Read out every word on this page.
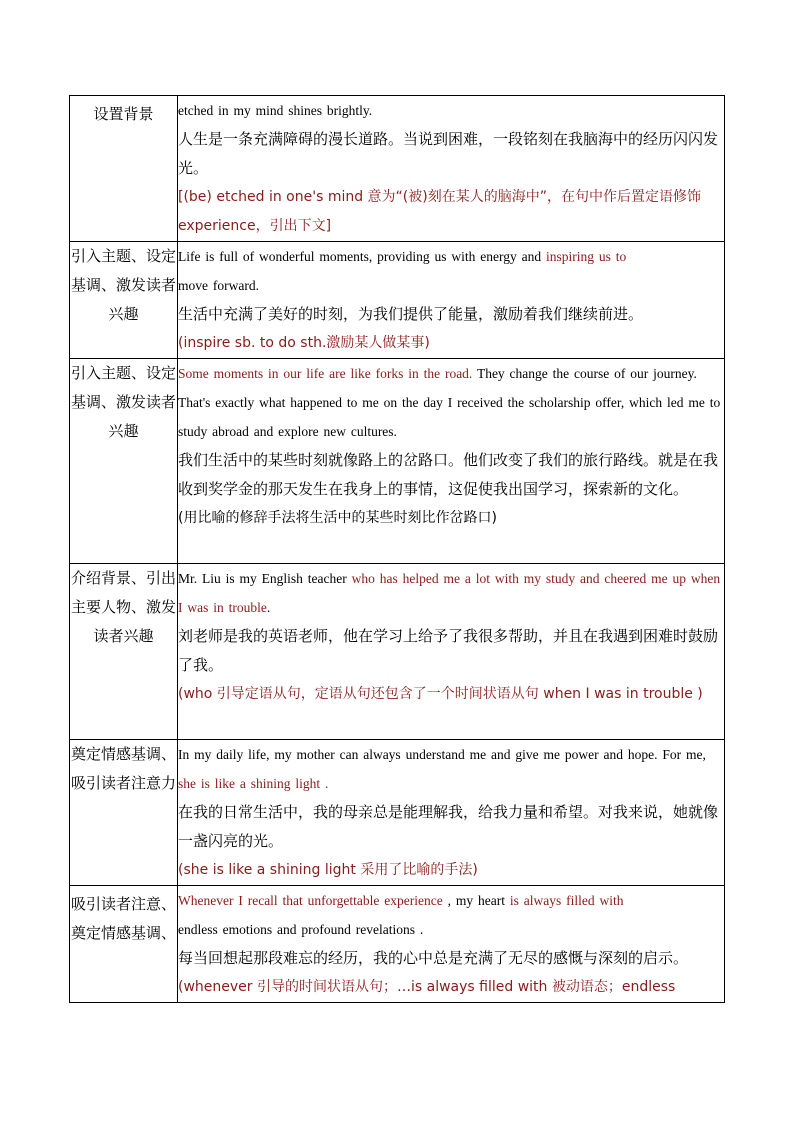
设置背景	etched in my mind shines brightly.
人生是一条充满障碍的漫长道路。当说到困难，一段铭刻在我脑海中的经历闪闪发光。
[(be) etched in one's mind 意为“(被)刻在某人的脑海中”，在句中作后置定语修饰 experience，引出下文]

引入主题、设定基调、激发读者兴趣	Life is full of wonderful moments, providing us with energy and inspiring us to
move forward.
生活中充满了美好的时刻，为我们提供了能量，激励着我们继续前进。
(inspire sb. to do sth.激励某人做某事)

引入主题、设定基调、激发读者兴趣	Some moments in our life are like forks in the road. They change the course of our journey. That's exactly what happened to me on the day I received the scholarship offer, which led me to study abroad and explore new cultures.
我们生活中的某些时刻就像路上的岔路口。他们改变了我们的旅行路线。就是在我收到奖学金的那天发生在我身上的事情，这促使我出国学习，探索新的文化。
(用比喻的修辞手法将生活中的某些时刻比作岔路口)

介绍背景、引出主要人物、激发读者兴趣	Mr. Liu is my English teacher who has helped me a lot with my study and cheered me up when I was in trouble.
刘老师是我的英语老师，他在学习上给予了我很多帮助，并且在我遇到困难时鼓励了我。
(who 引导定语从句，定语从句还包含了一个时间状语从句 when I was in trouble )

奠定情感基调、吸引读者注意力	In my daily life, my mother can always understand me and give me power and hope. For me, she is like a shining light .
在我的日常生活中，我的母亲总是能理解我，给我力量和希望。对我来说，她就像一盏闪亮的光。
(she is like a shining light 采用了比喻的手法)

吸引读者注意、奠定情感基调、	Whenever I recall that unforgettable experience , my heart is always filled with
endless emotions and profound revelations .
每当回想起那段难忘的经历，我的心中总是充满了无尽的感慨与深刻的启示。
(whenever 引导的时间状语从句；…is always filled with 被动语态；endless
